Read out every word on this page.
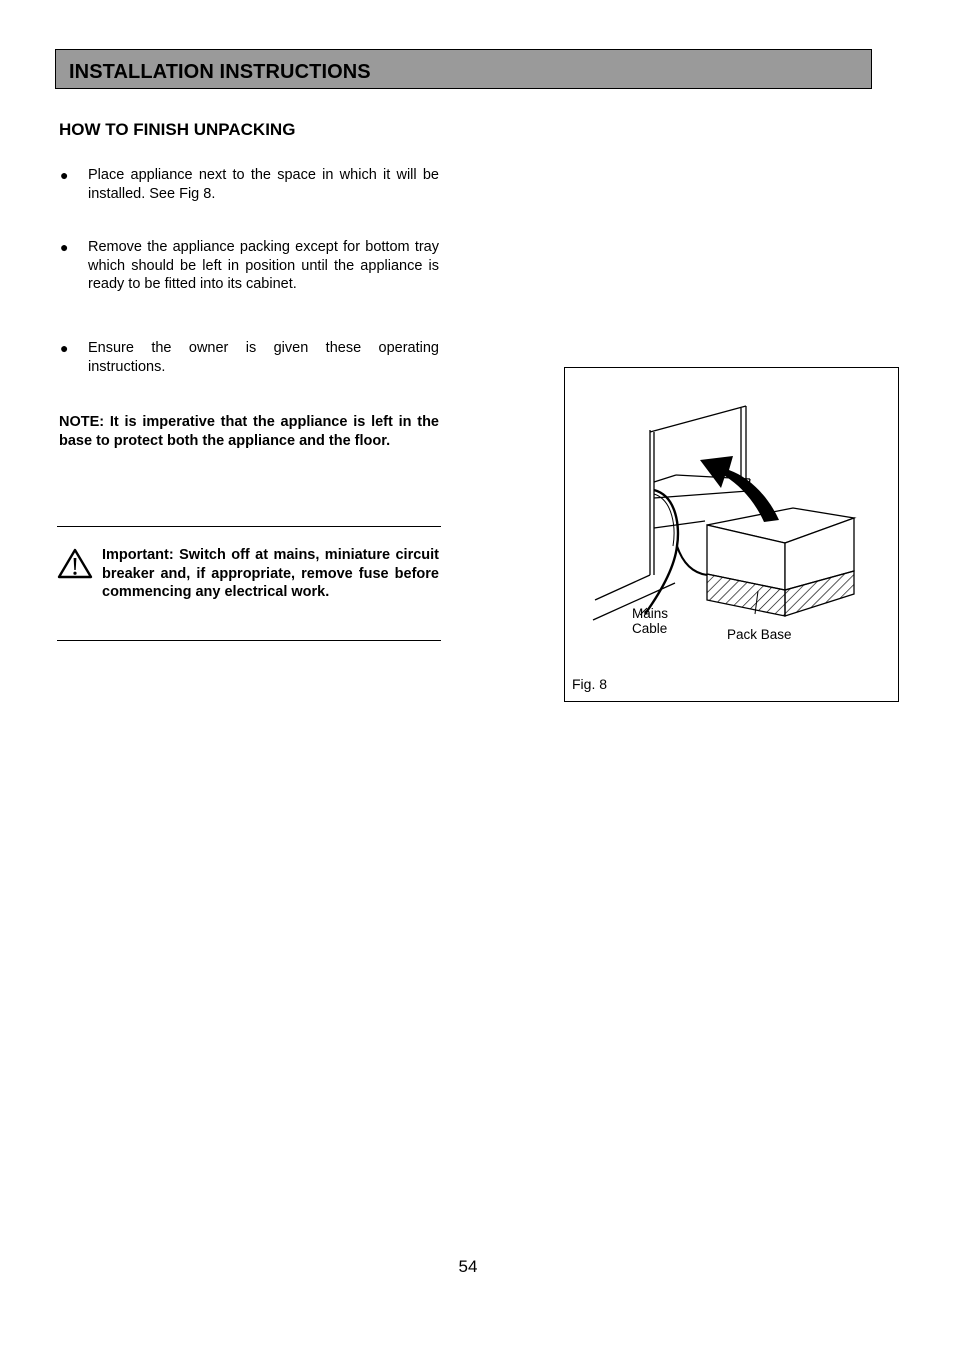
INSTALLATION INSTRUCTIONS
HOW TO FINISH UNPACKING
● Place appliance next to the space in which it will be installed. See Fig 8.
● Remove the appliance packing except for bottom tray which should be left in position until the appliance is ready to be fitted into its cabinet.
● Ensure the owner is given these operating instructions.
NOTE: It is imperative that the appliance is left in the base to protect both the appliance and the floor.
Important: Switch off at mains, miniature circuit breaker and, if appropriate, remove fuse before commencing any electrical work.
Mains
Cable	Pack Base
Fig. 8
54
